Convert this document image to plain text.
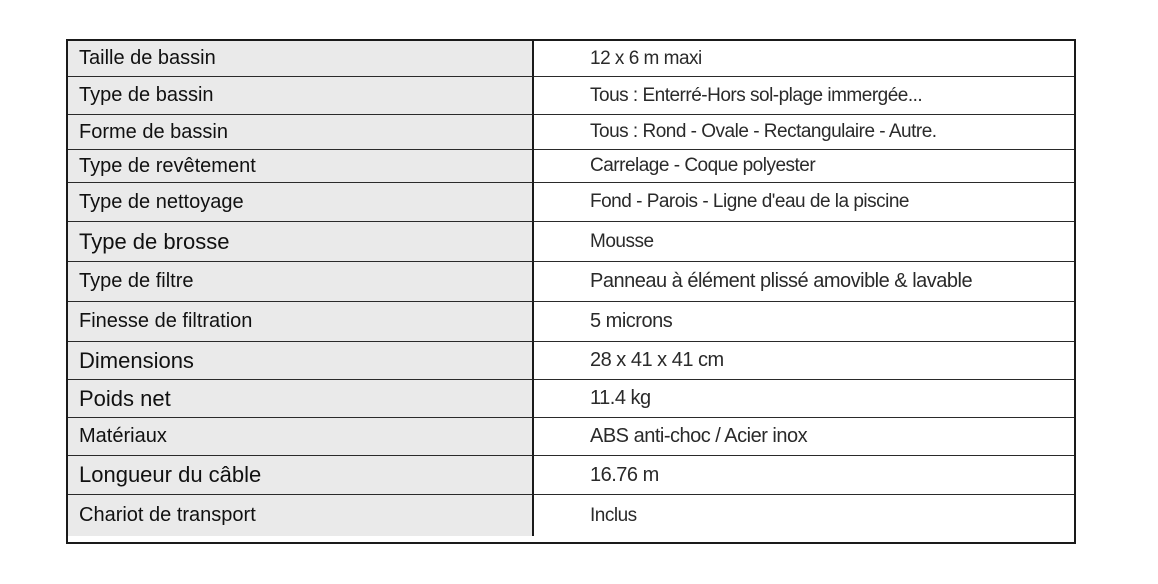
Taille de bassin	12 x 6 m maxi
Type de bassin	Tous : Enterré-Hors sol-plage immergée...
Forme de bassin	Tous : Rond - Ovale - Rectangulaire - Autre.
Type de revêtement	Carrelage - Coque polyester
Type de nettoyage	Fond - Parois - Ligne d'eau de la piscine
Type de brosse	Mousse
Type de filtre	Panneau à élément plissé amovible & lavable
Finesse de filtration	5 microns
Dimensions	28 x 41 x 41 cm
Poids net	11.4 kg
Matériaux	ABS anti-choc / Acier inox
Longueur du câble	16.76 m
Chariot de transport	Inclus
